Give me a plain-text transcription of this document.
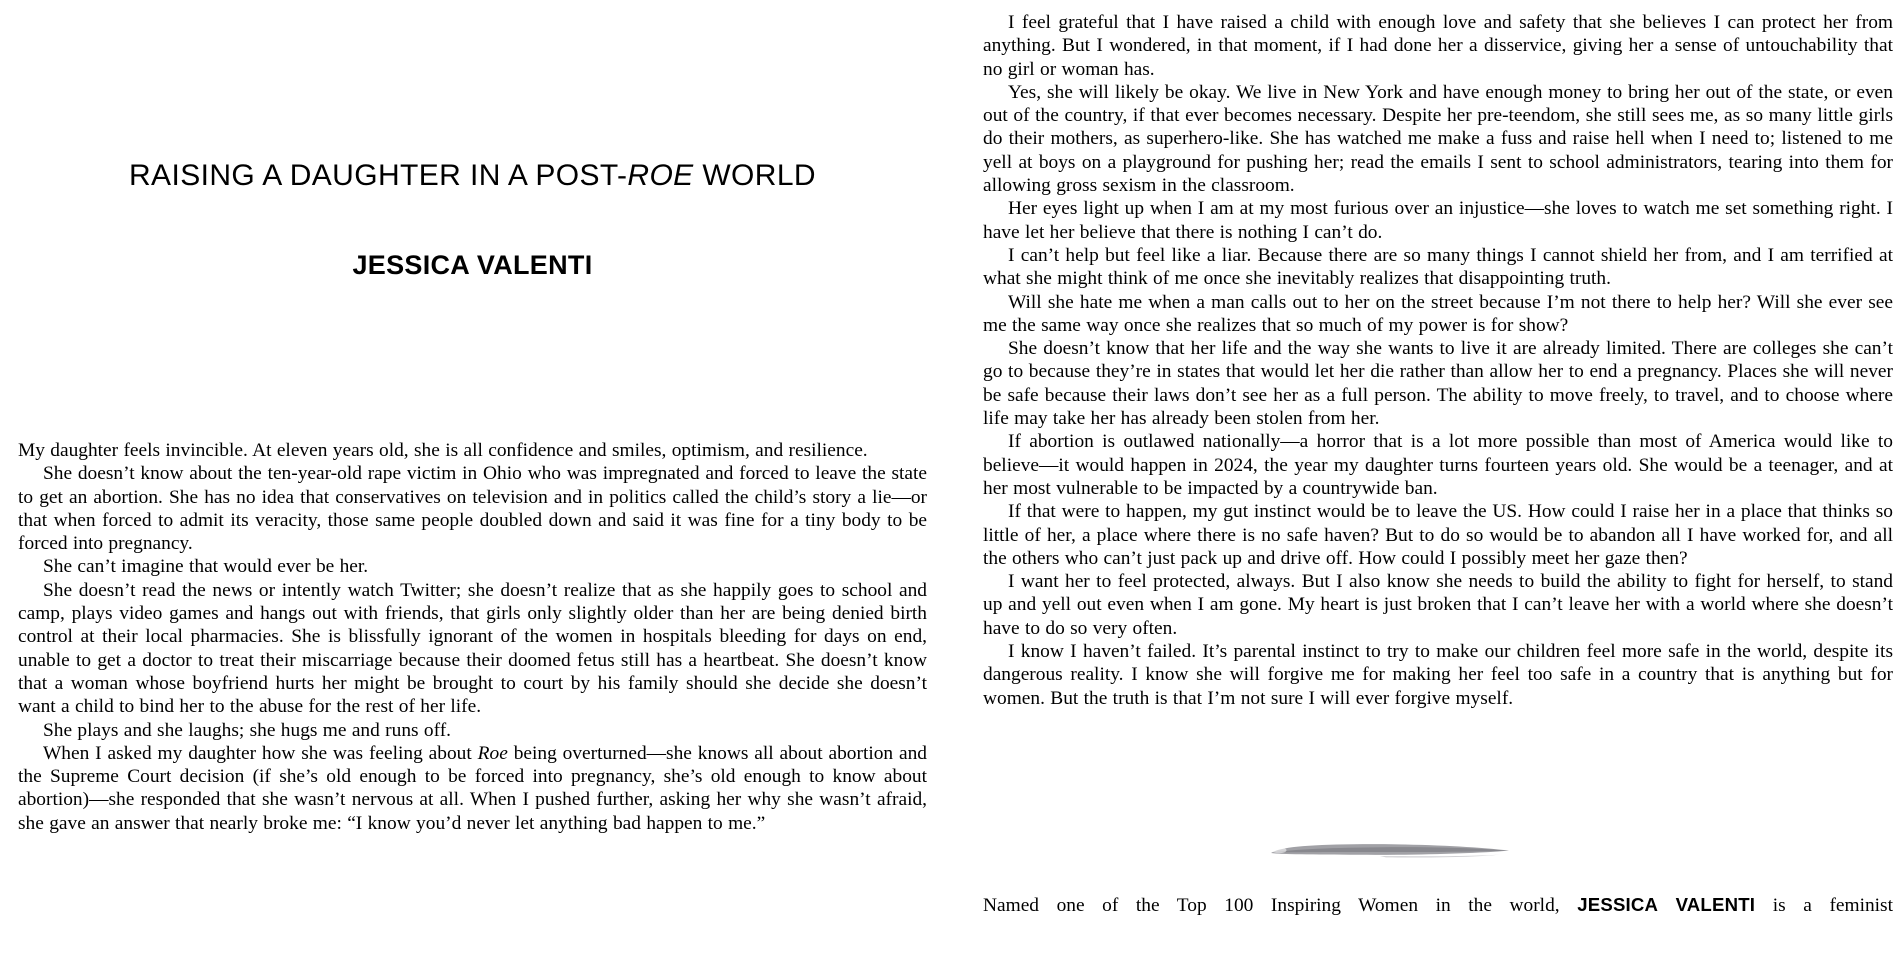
RAISING A DAUGHTER IN A POST-ROE WORLD
JESSICA VALENTI

My daughter feels invincible. At eleven years old, she is all confidence and smiles, optimism, and resilience.

She doesn’t know about the ten-year-old rape victim in Ohio who was impregnated and forced to leave the state to get an abortion. She has no idea that conservatives on television and in politics called the child’s story a lie—or that when forced to admit its veracity, those same people doubled down and said it was fine for a tiny body to be forced into pregnancy.

She can’t imagine that would ever be her.

She doesn’t read the news or intently watch Twitter; she doesn’t realize that as she happily goes to school and camp, plays video games and hangs out with friends, that girls only slightly older than her are being denied birth control at their local pharmacies. She is blissfully ignorant of the women in hospitals bleeding for days on end, unable to get a doctor to treat their miscarriage because their doomed fetus still has a heartbeat. She doesn’t know that a woman whose boyfriend hurts her might be brought to court by his family should she decide she doesn’t want a child to bind her to the abuse for the rest of her life.

She plays and she laughs; she hugs me and runs off.

When I asked my daughter how she was feeling about Roe being overturned—she knows all about abortion and the Supreme Court decision (if she’s old enough to be forced into pregnancy, she’s old enough to know about abortion)—she responded that she wasn’t nervous at all. When I pushed further, asking her why she wasn’t afraid, she gave an answer that nearly broke me: “I know you’d never let anything bad happen to me.”

I feel grateful that I have raised a child with enough love and safety that she believes I can protect her from anything. But I wondered, in that moment, if I had done her a disservice, giving her a sense of untouchability that no girl or woman has.

Yes, she will likely be okay. We live in New York and have enough money to bring her out of the state, or even out of the country, if that ever becomes necessary. Despite her pre-teendom, she still sees me, as so many little girls do their mothers, as superhero-like. She has watched me make a fuss and raise hell when I need to; listened to me yell at boys on a playground for pushing her; read the emails I sent to school administrators, tearing into them for allowing gross sexism in the classroom.

Her eyes light up when I am at my most furious over an injustice—she loves to watch me set something right. I have let her believe that there is nothing I can’t do.

I can’t help but feel like a liar. Because there are so many things I cannot shield her from, and I am terrified at what she might think of me once she inevitably realizes that disappointing truth.

Will she hate me when a man calls out to her on the street because I’m not there to help her? Will she ever see me the same way once she realizes that so much of my power is for show?

She doesn’t know that her life and the way she wants to live it are already limited. There are colleges she can’t go to because they’re in states that would let her die rather than allow her to end a pregnancy. Places she will never be safe because their laws don’t see her as a full person. The ability to move freely, to travel, and to choose where life may take her has already been stolen from her.

If abortion is outlawed nationally—a horror that is a lot more possible than most of America would like to believe—it would happen in 2024, the year my daughter turns fourteen years old. She would be a teenager, and at her most vulnerable to be impacted by a countrywide ban.

If that were to happen, my gut instinct would be to leave the US. How could I raise her in a place that thinks so little of her, a place where there is no safe haven? But to do so would be to abandon all I have worked for, and all the others who can’t just pack up and drive off. How could I possibly meet her gaze then?

I want her to feel protected, always. But I also know she needs to build the ability to fight for herself, to stand up and yell out even when I am gone. My heart is just broken that I can’t leave her with a world where she doesn’t have to do so very often.

I know I haven’t failed. It’s parental instinct to try to make our children feel more safe in the world, despite its dangerous reality. I know she will forgive me for making her feel too safe in a country that is anything but for women. But the truth is that I’m not sure I will ever forgive myself.

Named one of the Top 100 Inspiring Women in the world, JESSICA VALENTI is a feminist
